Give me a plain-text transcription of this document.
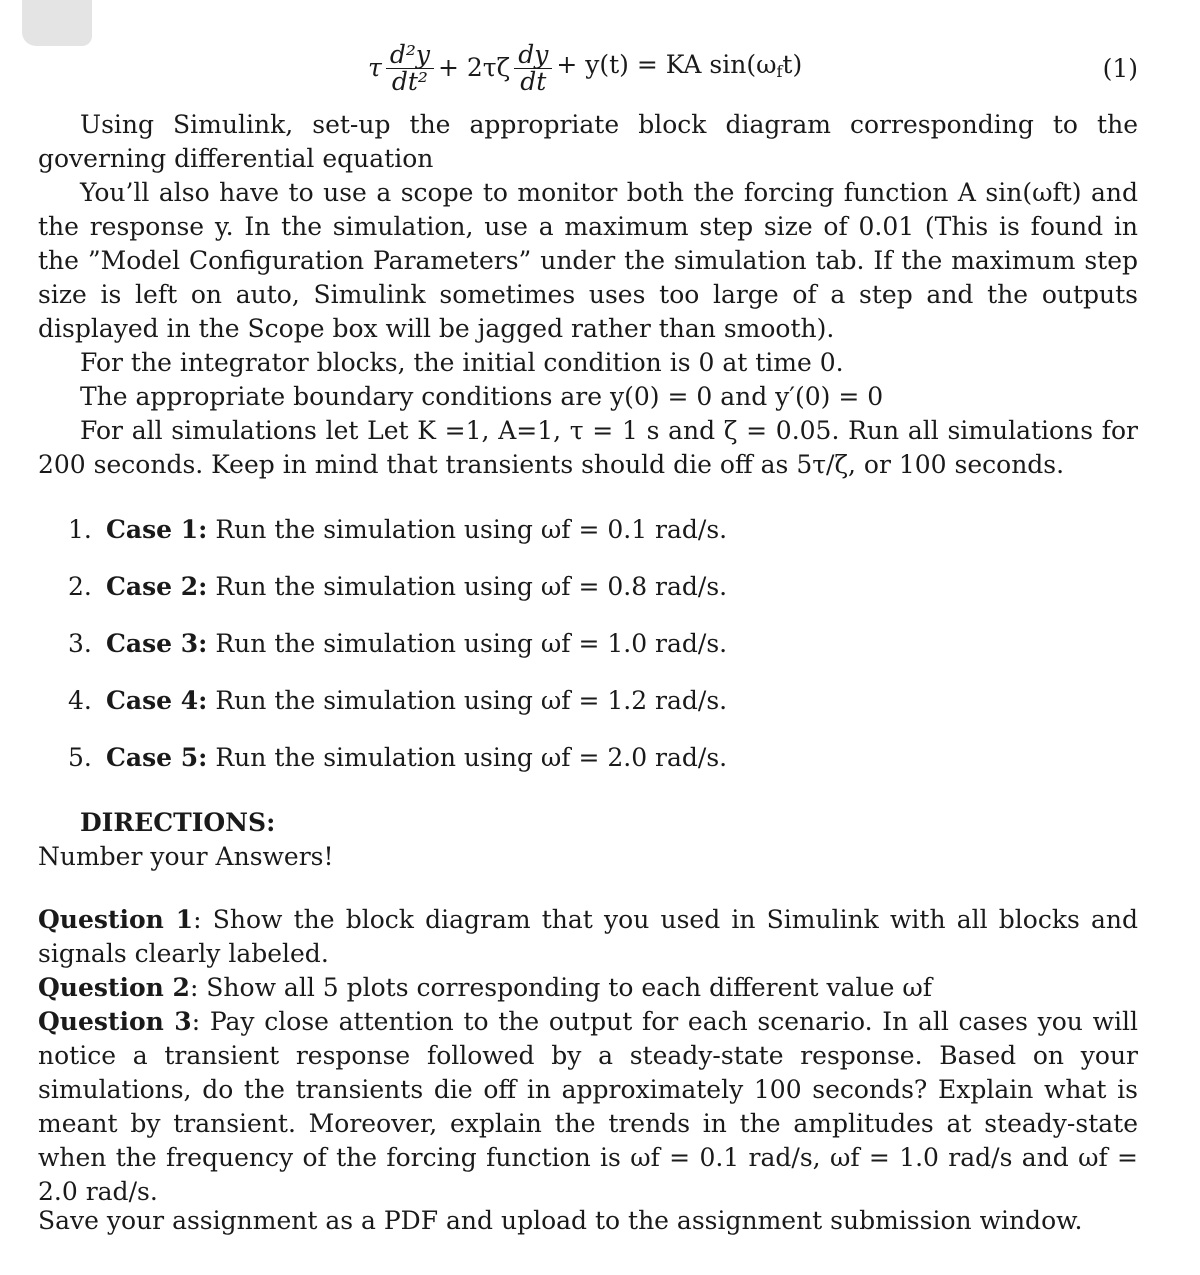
τ $\frac{\text{d²y}}{\text{dt²}} + 2\tau\zeta \frac{dy}{dt} + y(t)$ = KA $\sin(\omega_ft)$	(1)

Using Simulink, set-up the appropriate block diagram corresponding to the governing differential equation

You’ll also have to use a scope to monitor both the forcing function A sin(ωft) and the response y. In the simulation, use a maximum step size of 0.01 (This is found in the ”Model Configuration Parameters” under the simulation tab. If the maximum step size is left on auto, Simulink sometimes uses too large of a step and the outputs displayed in the Scope box will be jagged rather than smooth).

For the integrator blocks, the initial condition is 0 at time 0.

The appropriate boundary conditions are y(0) = 0 and y′(0) = 0

For all simulations let Let K =1, A=1, τ = 1 s and ζ = 0.05. Run all simulations for 200 seconds. Keep in mind that transients should die off as 5τ/ζ, or 100 seconds.

1. Case 1: Run the simulation using ωf = 0.1 rad/s.
2. Case 2: Run the simulation using ωf = 0.8 rad/s.
3. Case 3: Run the simulation using ωf = 1.0 rad/s.
4. Case 4: Run the simulation using ωf = 1.2 rad/s.
5. Case 5: Run the simulation using ωf = 2.0 rad/s.

DIRECTIONS:

Number your Answers!

Question 1: Show the block diagram that you used in Simulink with all blocks and signals clearly labeled.

Question 2: Show all 5 plots corresponding to each different value ωf

Question 3: Pay close attention to the output for each scenario. In all cases you will notice a transient response followed by a steady-state response. Based on your simulations, do the transients die off in approximately 100 seconds? Explain what is meant by transient. Moreover, explain the trends in the amplitudes at steady-state when the frequency of the forcing function is ωf = 0.1 rad/s, ωf = 1.0 rad/s and ωf = 2.0 rad/s.

Save your assignment as a PDF and upload to the assignment submission window.
